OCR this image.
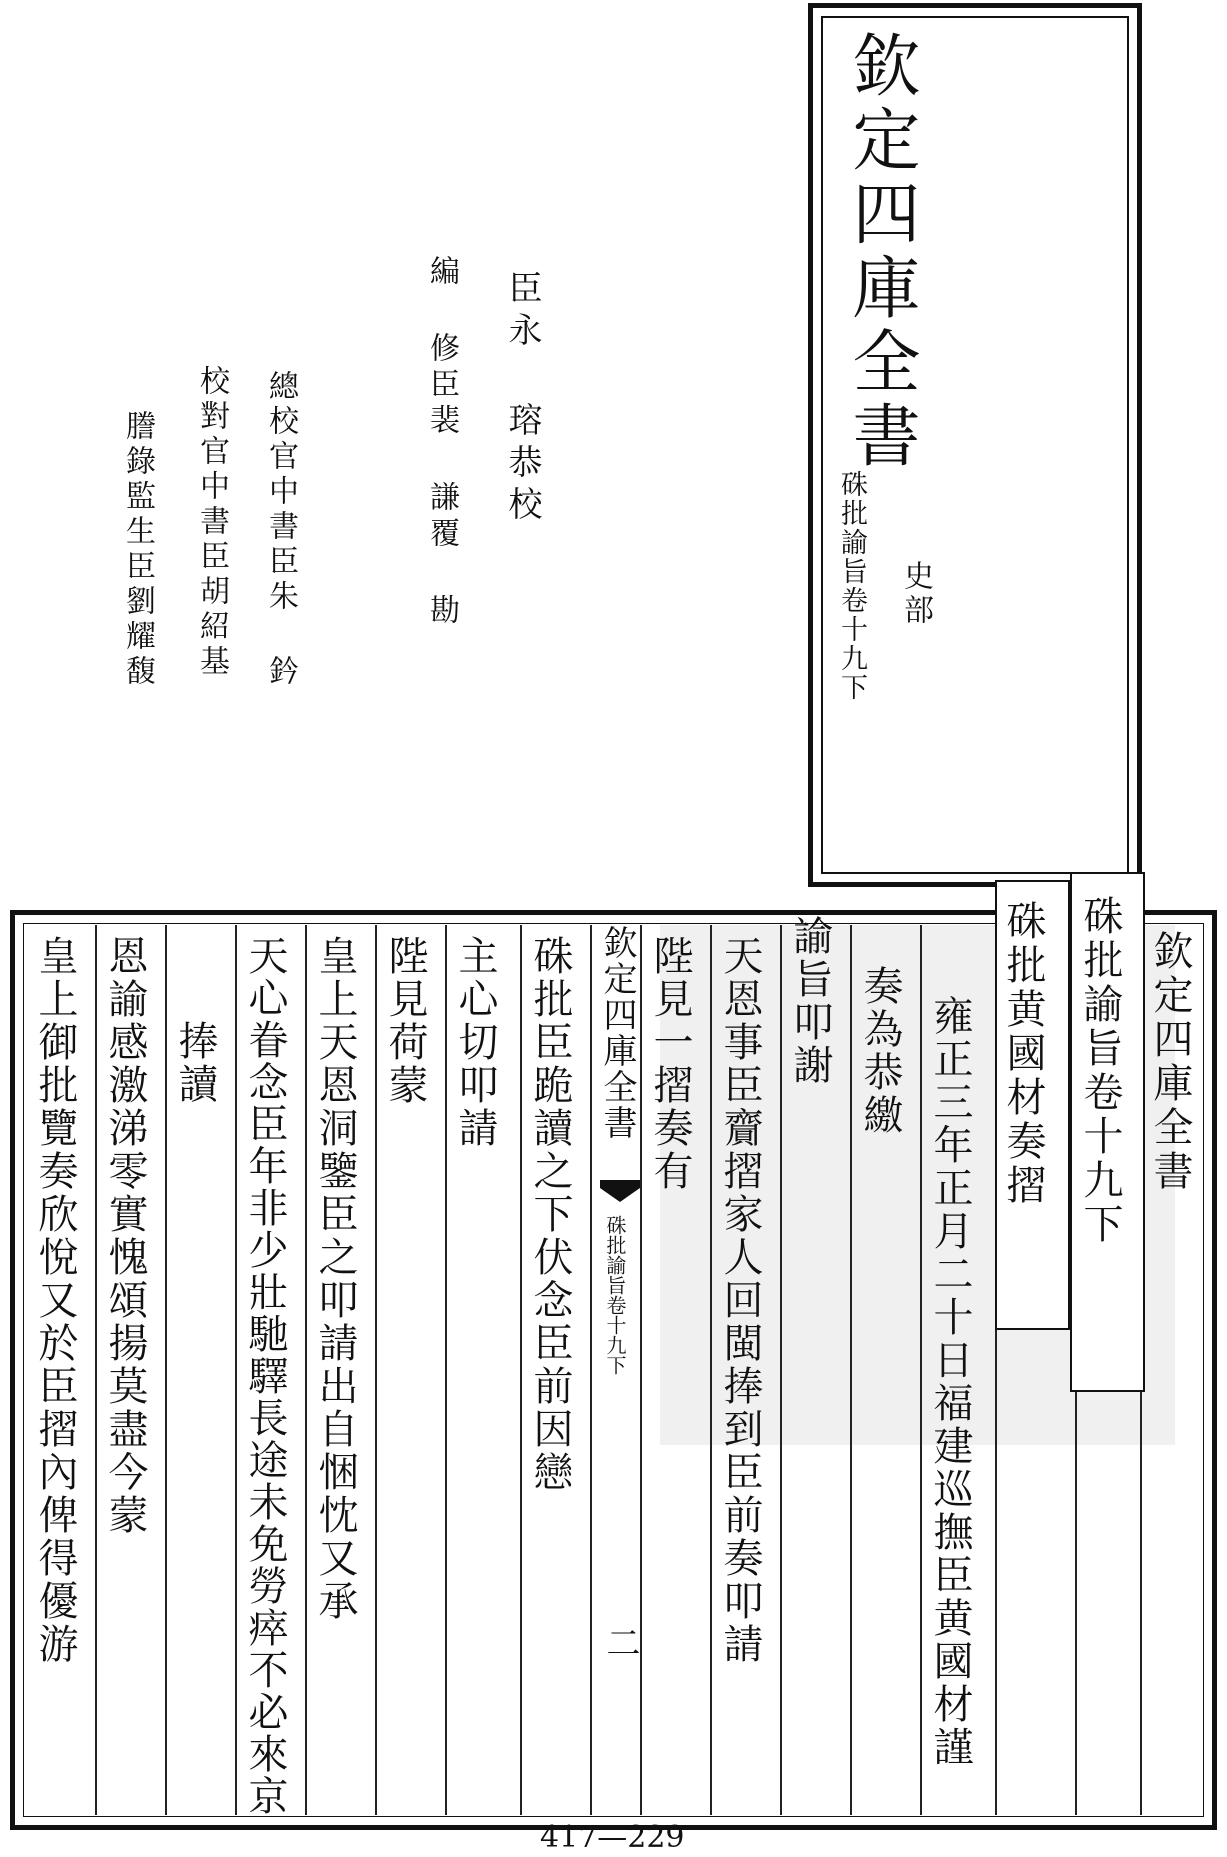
欽定四庫全書
硃批諭旨卷十九下 史部
臣永 瑢恭校
編 修臣裴 謙覆 勘
總校官中書臣朱 鈐
校對官中書臣胡紹基
謄錄監生臣劉耀馥
欽定四庫全書
硃批諭旨卷十九下
硃批黄國材奏摺
雍正三年正月二十日福建巡撫臣黄國材謹
奏為恭繳
諭旨叩謝
天恩事臣齎摺家人回閩捧到臣前奏叩請
陛見一摺奏有
欽定四庫全書
硃批諭旨卷十九下
二
硃批臣跪讀之下伏念臣前因戀
主心切叩請
陛見荷蒙
皇上天恩洞鑒臣之叩請出自悃忱又承
天心眷念臣年非少壯馳驛長途未免勞瘁不必來京
捧讀
恩諭感激涕零實愧頌揚莫盡今蒙
皇上御批覽奏欣悅又於臣摺內俾得優游
417—229
